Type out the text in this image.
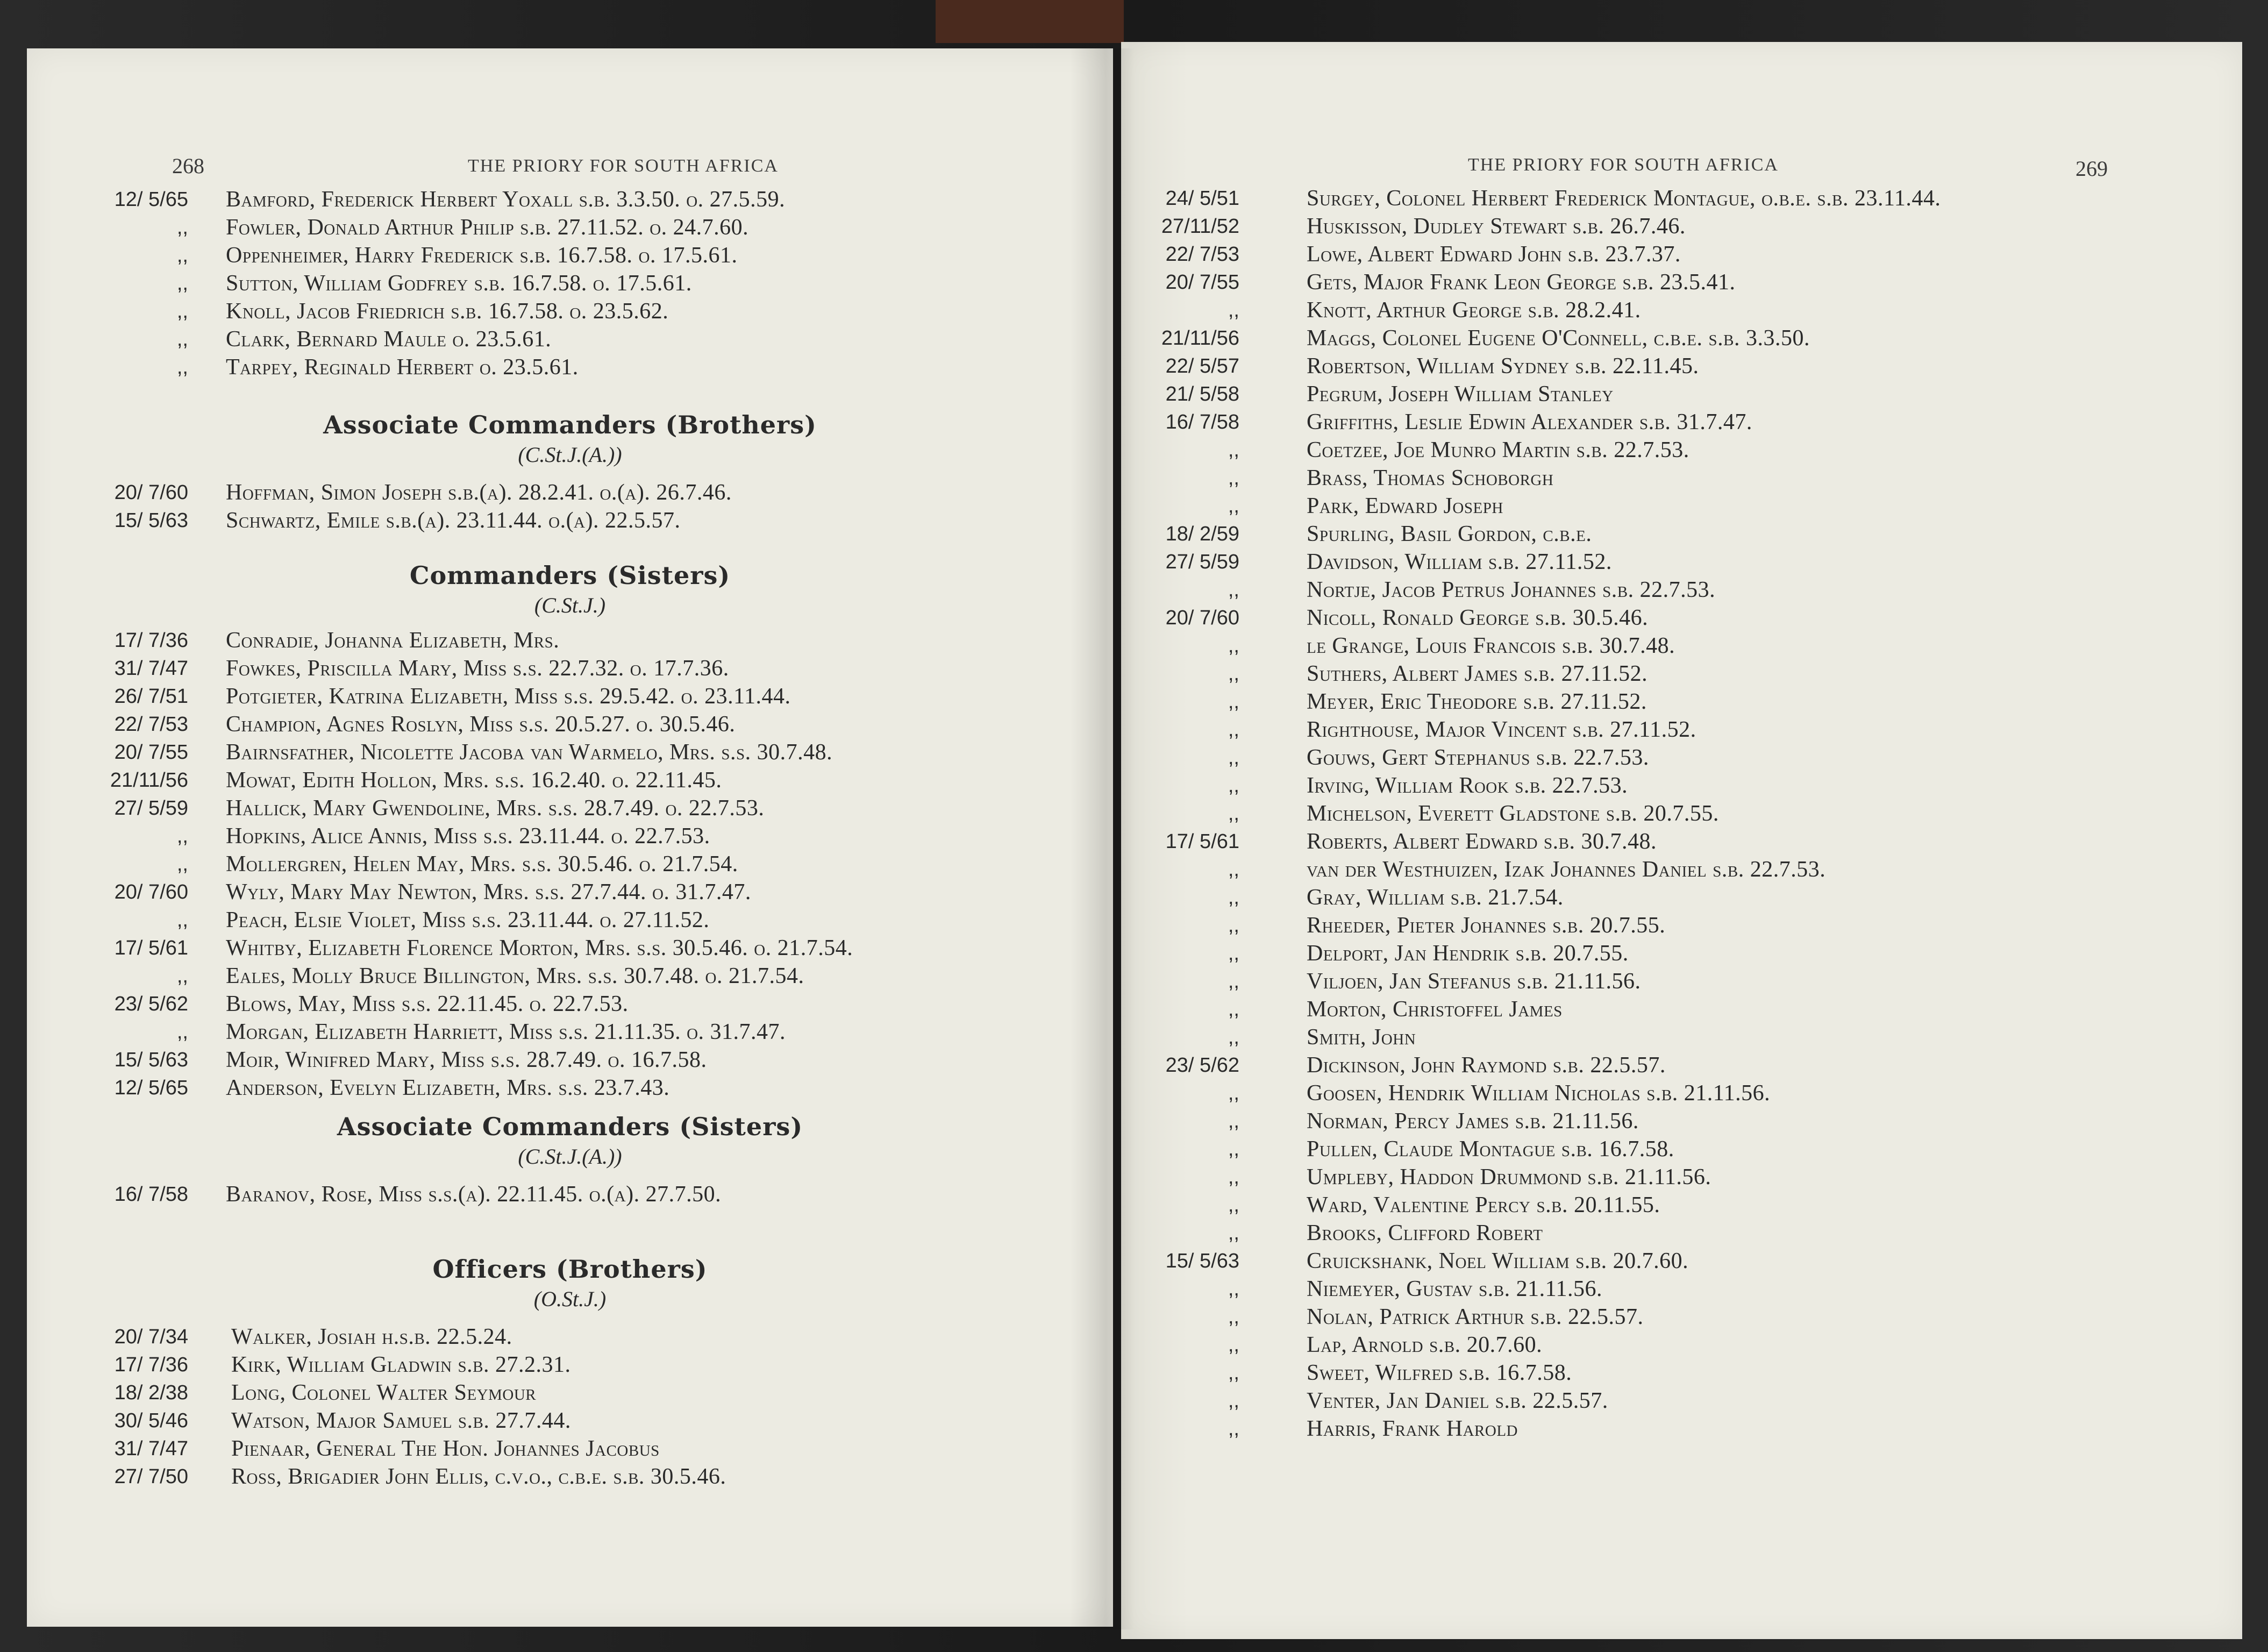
268	THE PRIORY FOR SOUTH AFRICA
12/ 5/65 Bamford, Frederick Herbert Yoxall s.b. 3.3.50. o. 27.5.59.
,, Fowler, Donald Arthur Philip s.b. 27.11.52. o. 24.7.60.
,, Oppenheimer, Harry Frederick s.b. 16.7.58. o. 17.5.61.
,, Sutton, William Godfrey s.b. 16.7.58. o. 17.5.61.
,, Knoll, Jacob Friedrich s.b. 16.7.58. o. 23.5.62.
,, Clark, Bernard Maule o. 23.5.61.
,, Tarpey, Reginald Herbert o. 23.5.61.
Associate Commanders (Brothers)
(C.St.J.(A.))
20/ 7/60 Hoffman, Simon Joseph s.b.(a). 28.2.41. o.(a). 26.7.46.
15/ 5/63 Schwartz, Emile s.b.(a). 23.11.44. o.(a). 22.5.57.
Commanders (Sisters)
(C.St.J.)
17/ 7/36 Conradie, Johanna Elizabeth, Mrs.
31/ 7/47 Fowkes, Priscilla Mary, Miss s.s. 22.7.32. o. 17.7.36.
26/ 7/51 Potgieter, Katrina Elizabeth, Miss s.s. 29.5.42. o. 23.11.44.
22/ 7/53 Champion, Agnes Roslyn, Miss s.s. 20.5.27. o. 30.5.46.
20/ 7/55 Bairnsfather, Nicolette Jacoba van Warmelo, Mrs. s.s. 30.7.48.
21/11/56 Mowat, Edith Hollon, Mrs. s.s. 16.2.40. o. 22.11.45.
27/ 5/59 Hallick, Mary Gwendoline, Mrs. s.s. 28.7.49. o. 22.7.53.
,, Hopkins, Alice Annis, Miss s.s. 23.11.44. o. 22.7.53.
,, Mollergren, Helen May, Mrs. s.s. 30.5.46. o. 21.7.54.
20/ 7/60 Wyly, Mary May Newton, Mrs. s.s. 27.7.44. o. 31.7.47.
,, Peach, Elsie Violet, Miss s.s. 23.11.44. o. 27.11.52.
17/ 5/61 Whitby, Elizabeth Florence Morton, Mrs. s.s. 30.5.46. o. 21.7.54.
,, Eales, Molly Bruce Billington, Mrs. s.s. 30.7.48. o. 21.7.54.
23/ 5/62 Blows, May, Miss s.s. 22.11.45. o. 22.7.53.
,, Morgan, Elizabeth Harriett, Miss s.s. 21.11.35. o. 31.7.47.
15/ 5/63 Moir, Winifred Mary, Miss s.s. 28.7.49. o. 16.7.58.
12/ 5/65 Anderson, Evelyn Elizabeth, Mrs. s.s. 23.7.43.
Associate Commanders (Sisters)
(C.St.J.(A.))
16/ 7/58 Baranov, Rose, Miss s.s.(a). 22.11.45. o.(a). 27.7.50.
Officers (Brothers)
(O.St.J.)
20/ 7/34 Walker, Josiah h.s.b. 22.5.24.
17/ 7/36 Kirk, William Gladwin s.b. 27.2.31.
18/ 2/38 Long, Colonel Walter Seymour
30/ 5/46 Watson, Major Samuel s.b. 27.7.44.
31/ 7/47 Pienaar, General The Hon. Johannes Jacobus
27/ 7/50 Ross, Brigadier John Ellis, c.v.o., c.b.e. s.b. 30.5.46.
THE PRIORY FOR SOUTH AFRICA	269
24/ 5/51	Surgey, Colonel Herbert Frederick Montague, o.b.e. s.b. 23.11.44.
27/11/52	Huskisson, Dudley Stewart s.b. 26.7.46.
22/ 7/53	Lowe, Albert Edward John s.b. 23.7.37.
20/ 7/55	Gets, Major Frank Leon George s.b. 23.5.41.
,,	Knott, Arthur George s.b. 28.2.41.
21/11/56	Maggs, Colonel Eugene O'Connell, c.b.e. s.b. 3.3.50.
22/ 5/57	Robertson, William Sydney s.b. 22.11.45.
21/ 5/58	Pegrum, Joseph William Stanley
16/ 7/58	Griffiths, Leslie Edwin Alexander s.b. 31.7.47.
,,	Coetzee, Joe Munro Martin s.b. 22.7.53.
,,	Brass, Thomas Schoborgh
,,	Park, Edward Joseph
18/ 2/59	Spurling, Basil Gordon, c.b.e.
27/ 5/59	Davidson, William s.b. 27.11.52.
,,	Nortje, Jacob Petrus Johannes s.b. 22.7.53.
20/ 7/60	Nicoll, Ronald George s.b. 30.5.46.
,,	le Grange, Louis Francois s.b. 30.7.48.
,,	Suthers, Albert James s.b. 27.11.52.
,,	Meyer, Eric Theodore s.b. 27.11.52.
,,	Righthouse, Major Vincent s.b. 27.11.52.
,,	Gouws, Gert Stephanus s.b. 22.7.53.
,,	Irving, William Rook s.b. 22.7.53.
,,	Michelson, Everett Gladstone s.b. 20.7.55.
17/ 5/61	Roberts, Albert Edward s.b. 30.7.48.
,,	van der Westhuizen, Izak Johannes Daniel s.b. 22.7.53.
,,	Gray, William s.b. 21.7.54.
,,	Rheeder, Pieter Johannes s.b. 20.7.55.
,,	Delport, Jan Hendrik s.b. 20.7.55.
,,	Viljoen, Jan Stefanus s.b. 21.11.56.
,,	Morton, Christoffel James
,,	Smith, John
23/ 5/62	Dickinson, John Raymond s.b. 22.5.57.
,,	Goosen, Hendrik William Nicholas s.b. 21.11.56.
,,	Norman, Percy James s.b. 21.11.56.
,,	Pullen, Claude Montague s.b. 16.7.58.
,,	Umpleby, Haddon Drummond s.b. 21.11.56.
,,	Ward, Valentine Percy s.b. 20.11.55.
,,	Brooks, Clifford Robert
15/ 5/63	Cruickshank, Noel William s.b. 20.7.60.
,,	Niemeyer, Gustav s.b. 21.11.56.
,,	Nolan, Patrick Arthur s.b. 22.5.57.
,,	Lap, Arnold s.b. 20.7.60.
,,	Sweet, Wilfred s.b. 16.7.58.
,,	Venter, Jan Daniel s.b. 22.5.57.
,,	Harris, Frank Harold
